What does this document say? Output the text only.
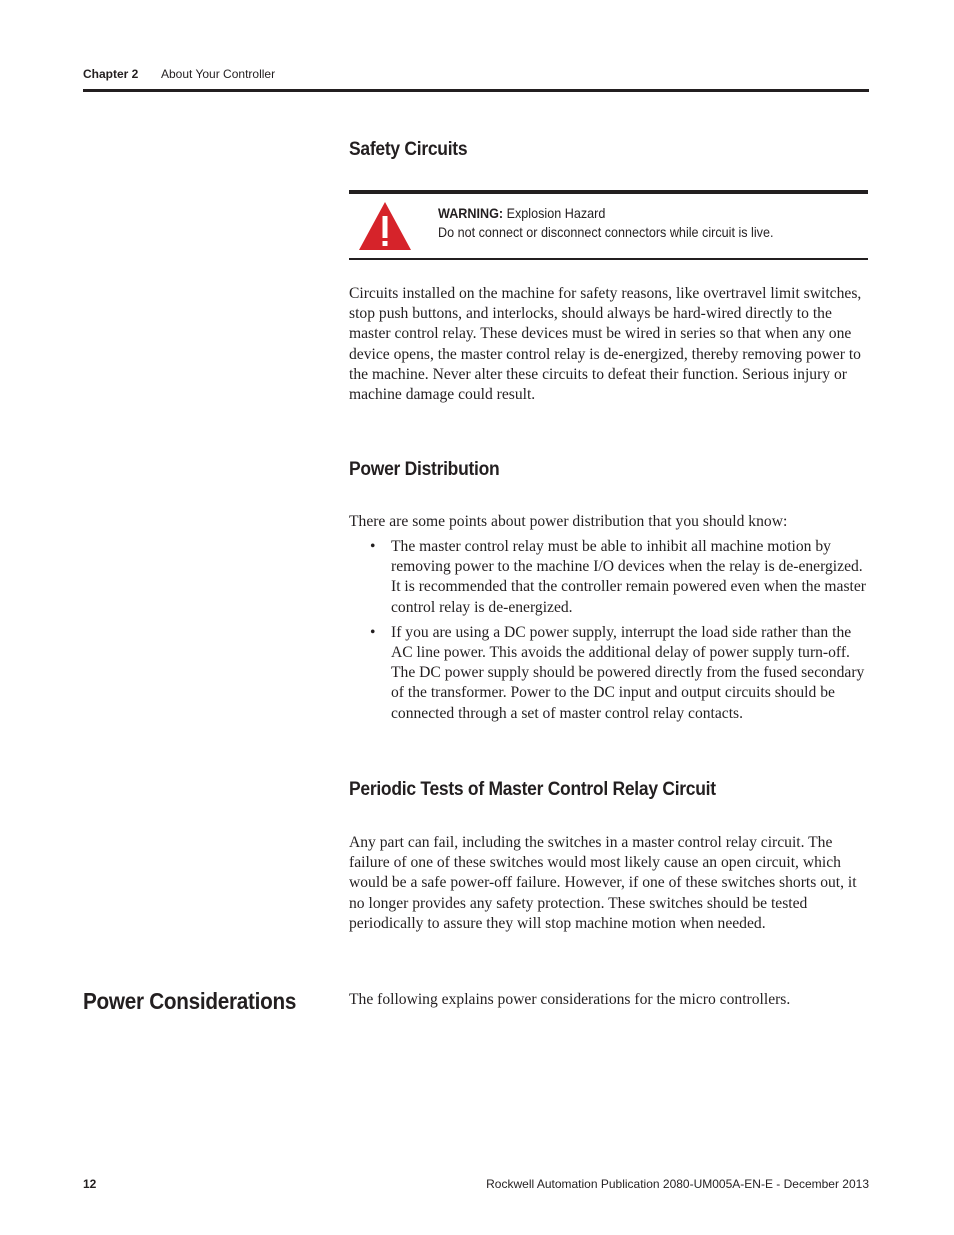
Chapter 2 About Your Controller
Safety Circuits
WARNING: Explosion Hazard
Do not connect or disconnect connectors while circuit is live.
Circuits installed on the machine for safety reasons, like overtravel limit switches, stop push buttons, and interlocks, should always be hard-wired directly to the master control relay. These devices must be wired in series so that when any one device opens, the master control relay is de-energized, thereby removing power to the machine. Never alter these circuits to defeat their function. Serious injury or machine damage could result.
Power Distribution
There are some points about power distribution that you should know:
• The master control relay must be able to inhibit all machine motion by removing power to the machine I/O devices when the relay is de-energized. It is recommended that the controller remain powered even when the master control relay is de-energized.
• If you are using a DC power supply, interrupt the load side rather than the AC line power. This avoids the additional delay of power supply turn-off. The DC power supply should be powered directly from the fused secondary of the transformer. Power to the DC input and output circuits should be connected through a set of master control relay contacts.
Periodic Tests of Master Control Relay Circuit
Any part can fail, including the switches in a master control relay circuit. The failure of one of these switches would most likely cause an open circuit, which would be a safe power-off failure. However, if one of these switches shorts out, it no longer provides any safety protection. These switches should be tested periodically to assure they will stop machine motion when needed.
Power Considerations	The following explains power considerations for the micro controllers.
12	Rockwell Automation Publication 2080-UM005A-EN-E - December 2013
